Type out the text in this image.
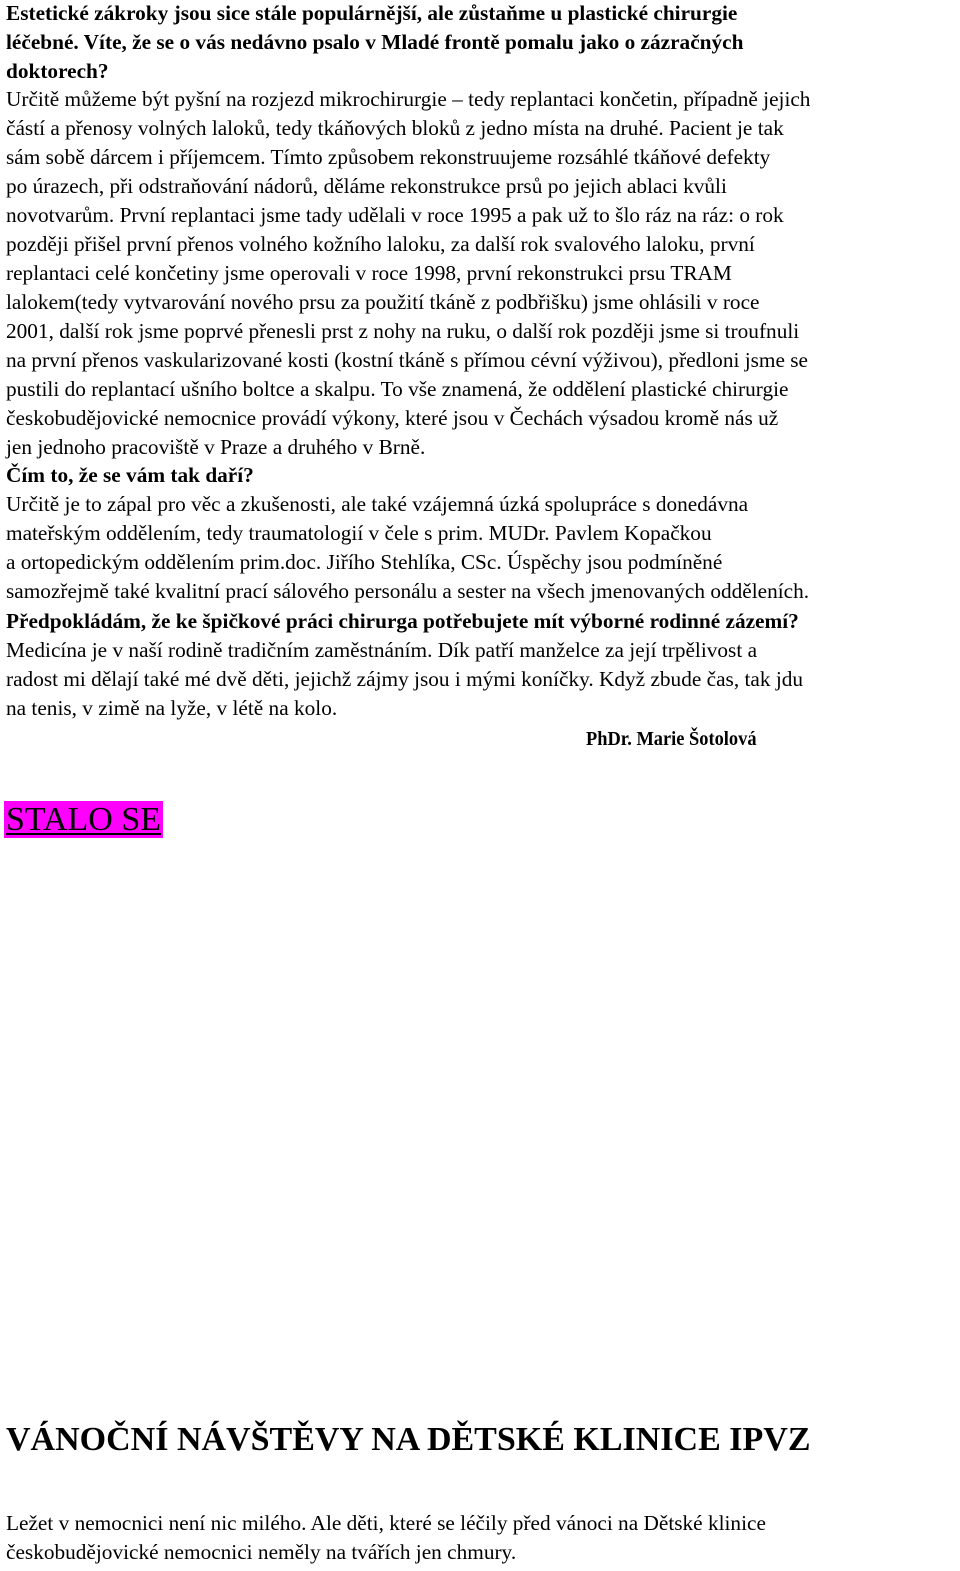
Estetické zákroky jsou sice stále populárnější, ale zůstaňme u plastické chirurgie
léčebné. Víte, že se o vás nedávno psalo v Mladé frontě pomalu jako o zázračných
doktorech?

Určitě můžeme být pyšní na rozjezd mikrochirurgie – tedy replantaci končetin, případně jejich
částí a přenosy volných laloků, tedy tkáňových bloků z jedno místa na druhé. Pacient je tak
sám sobě dárcem i příjemcem. Tímto způsobem rekonstruujeme rozsáhlé tkáňové defekty
po úrazech, při odstraňování nádorů, děláme rekonstrukce prsů po jejich ablaci kvůli
novotvarům. První replantaci jsme tady udělali v roce 1995 a pak už to šlo ráz na ráz: o rok
později přišel první přenos volného kožního laloku, za další rok svalového laloku, první
replantaci celé končetiny jsme operovali v roce 1998, první rekonstrukci prsu TRAM
lalokem(tedy vytvarování nového prsu za použití tkáně z podbřišku) jsme ohlásili v roce
2001, další rok jsme poprvé přenesli prst z nohy na ruku, o další rok později jsme si troufnuli
na první přenos vaskularizované kosti (kostní tkáně s přímou cévní výživou), předloni jsme se
pustili do replantací ušního boltce a skalpu. To vše znamená, že oddělení plastické chirurgie
českobudějovické nemocnice provádí výkony, které jsou v Čechách výsadou kromě nás už
jen jednoho pracoviště v Praze a druhého v Brně.

Čím to, že se vám tak daří?

Určitě je to zápal pro věc a zkušenosti, ale také vzájemná úzká spolupráce s donedávna
mateřským oddělením, tedy traumatologií v čele s prim. MUDr. Pavlem Kopačkou
a ortopedickým oddělením prim.doc. Jiřího Stehlíka, CSc. Úspěchy jsou podmíněné
samozřejmě také kvalitní prací sálového personálu a sester na všech jmenovaných odděleních.

Předpokládám, že ke špičkové práci chirurga potřebujete mít výborné rodinné zázemí?

Medicína je v naší rodině tradičním zaměstnáním. Dík patří manželce za její trpělivost a
radost mi dělají také mé dvě děti, jejichž zájmy jsou i mými koníčky. Když zbude čas, tak jdu
na tenis, v zimě na lyže, v létě na kolo.

PhDr. Marie Šotolová

STALO SE
VÁNOČNÍ NÁVŠTĚVY NA DĚTSKÉ KLINICE IPVZ

Ležet v nemocnici není nic milého. Ale děti, které se léčily před vánoci na Dětské klinice
českobudějovické nemocnici neměly na tvářích jen chmury.
